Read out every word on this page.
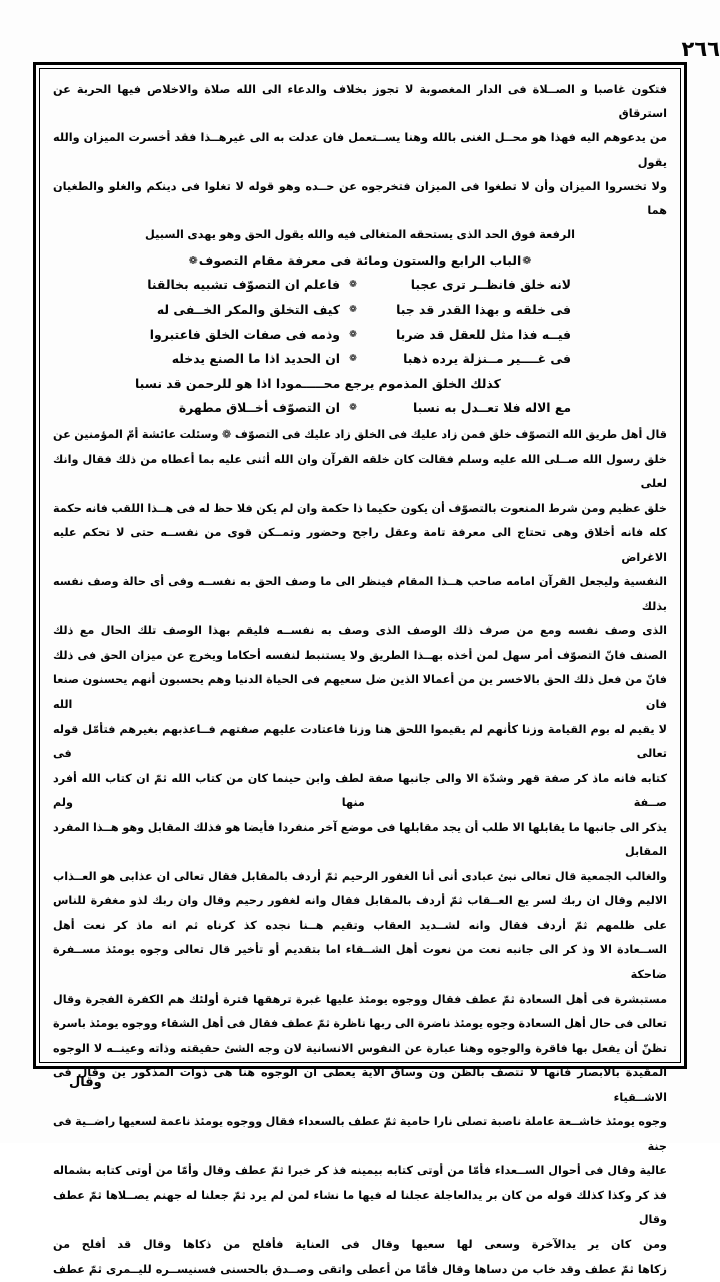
٢٦٦

فتكون غاصبا و الصــلاة فى الدار المغصوبة لا تجوز بخلاف والدعاء الى الله صلاة والاخلاص فيها الحربة عن استرقاق

من يدعوهم اليه فهذا هو محــل الغنى بالله وهنا يســتعمل فان عدلت به الى غيرهــذا فقد أخسرت الميزان والله يقول

ولا تخسروا الميزان وأن لا تطغوا فى الميزان فتخرجوه عن حــده وهو قوله لا تغلوا فى دينكم والغلو والطغيان هما

الرفعة فوق الحد الذى يستحقه المتغالى فيه والله يقول الحق وهو يهدى السبيل

❁الباب الرابع والستون ومائة فى معرفة مقام التصوف❁
لانه خلق فانظــر ترى عجبا
❁
فاعلم ان التصوّف تشبيه بخالقنا
فى خلقه و بهذا القدر قد جبا
❁
كيف التخلق والمكر الخــفى له
فيــه فذا مثل للعقل قد ضربا
❁
وذمه فى صفات الخلق فاعتبروا
فى غــــير مــنزلة يرده ذهبا
❁
ان الحديد اذا ما الصنع يدخله
كذلك الخلق المذموم يرجع محـــــمودا اذا هو للرحمن قد نسبا
مع الاله فلا تعــدل به نسبا
❁
ان التصوّف أخــلاق مطهرة

قال أهل طريق الله التصوّف خلق فمن زاد عليك فى الخلق زاد عليك فى التصوّف ❁ وسئلت عائشة أمّ المؤمنين عن

خلق رسول الله صــلى الله عليه وسلم فقالت كان خلقه القرآن وان الله أثنى عليه بما أعطاه من ذلك فقال وانك لعلى

خلق عظيم ومن شرط المنعوت بالتصوّف أن يكون حكيما ذا حكمة وان لم يكن فلا حظ له فى هــذا اللقب فانه حكمة

كله فانه أخلاق وهى تحتاج الى معرفة تامة وعقل راجح وحضور وتمــكن قوى من نفســه حتى لا تحكم عليه الاغراض

النفسية وليجعل القرآن امامه صاحب هــذا المقام فينظر الى ما وصف الحق به نفســه وفى أى حالة وصف نفسه بذلك

الذى وصف نفسه ومع من صرف ذلك الوصف الذى وصف به نفســه فليقم بهذا الوصف تلك الحال مع ذلك

الصنف فانّ التصوّف أمر سهل لمن أخذه بهــذا الطريق ولا يستنبط لنفسه أحكاما ويخرج عن ميزان الحق فى ذلك

فانّ من فعل ذلك الحق بالاخسر ين من أعمالا الذين ضل سعيهم فى الحياة الدنيا وهم يحسبون أنهم يحسنون صنعا فان الله

لا يقيم له بوم القيامة وزنا كأنهم لم يقيموا اللحق هنا وزنا فاعتادت عليهم صفتهم فــاعذبهم بغيرهم فتأمّل قوله تعالى فى

كتابه فانه ماذ كر صفة قهر وشدّة الا والى جانبها صفة لطف وابن حينما كان من كتاب الله ثمّ ان كتاب الله أفرد صــفة منها ولم

يذكر الى جانبها ما يقابلها الا طلب أن يجد مقابلها فى موضع آخر منفردا فأيضا هو فذلك المقابل وهو هــذا المفرد المقابل

والغالب الجمعية قال تعالى نبئ عبادى أنى أنا الغفور الرحيم ثمّ أردف بالمقابل فقال تعالى ان عذابى هو العــذاب

الاليم وقال ان ربك لسر يع العــقاب ثمّ أردف بالمقابل فقال وانه لغفور رحيم وقال وان ربك لذو مغفرة للناس

على ظلمهم ثمّ أردف فقال وانه لشــديد العقاب وتقيم هــنا نجده كذ كرناه ثم انه ماذ كر نعت أهل

الســعادة الا وذ كر الى جانبه نعت من نعوت أهل الشــقاء اما بتقديم أو تأخير قال تعالى وجوه يومئذ مســفرة ضاحكة

مستبشرة فى أهل السعادة ثمّ عطف فقال ووجوه يومئذ عليها غبرة ترهقها قترة أولئك هم الكفرة الفجرة وقال

تعالى فى حال أهل السعادة وجوه يومئذ ناضرة الى ربها ناظرة ثمّ عطف فقال فى أهل الشقاء ووجوه يومئذ باسرة

تظنّ أن يفعل بها فاقرة والوجوه وهنا عبارة عن النفوس الانسانية لان وجه الشئ حقيقته وذاته وعينــه لا الوجوه

المقيدة بالابصار فانها لا تتصف بالظن ون وساق الآية يعطى ان الوجوه هنا هى ذوات المذكور ين وقال فى الاشــقياء

وجوه يومئذ خاشــعة عاملة ناصبة تصلى نارا حامية ثمّ عطف بالسعداء فقال ووجوه يومئذ ناعمة لسعيها راضــية فى جنة

عالية وقال فى أحوال الســعداء فأمّا من أوتى كتابه بيمينه فذ كر خبرا ثمّ عطف وقال وأمّا من أوتى كتابه بشماله

فذ كر وكذا كذلك قوله من كان بر يدالعاجلة عجلنا له فيها ما نشاء لمن لم يرد ثمّ جعلنا له جهنم يصــلاها ثمّ عطف وقال

ومن كان ير يدالآخرة وسعى لها سعيها وقال فى العناية فأفلح من ذكاها وقال قد أفلح من

زكاها ثمّ عطف وقد خاب من دساها وقال فأمّا من أعطى واتقى وصــدق بالحسنى فسنيســره لليــمرى ثمّ عطف

وقال
